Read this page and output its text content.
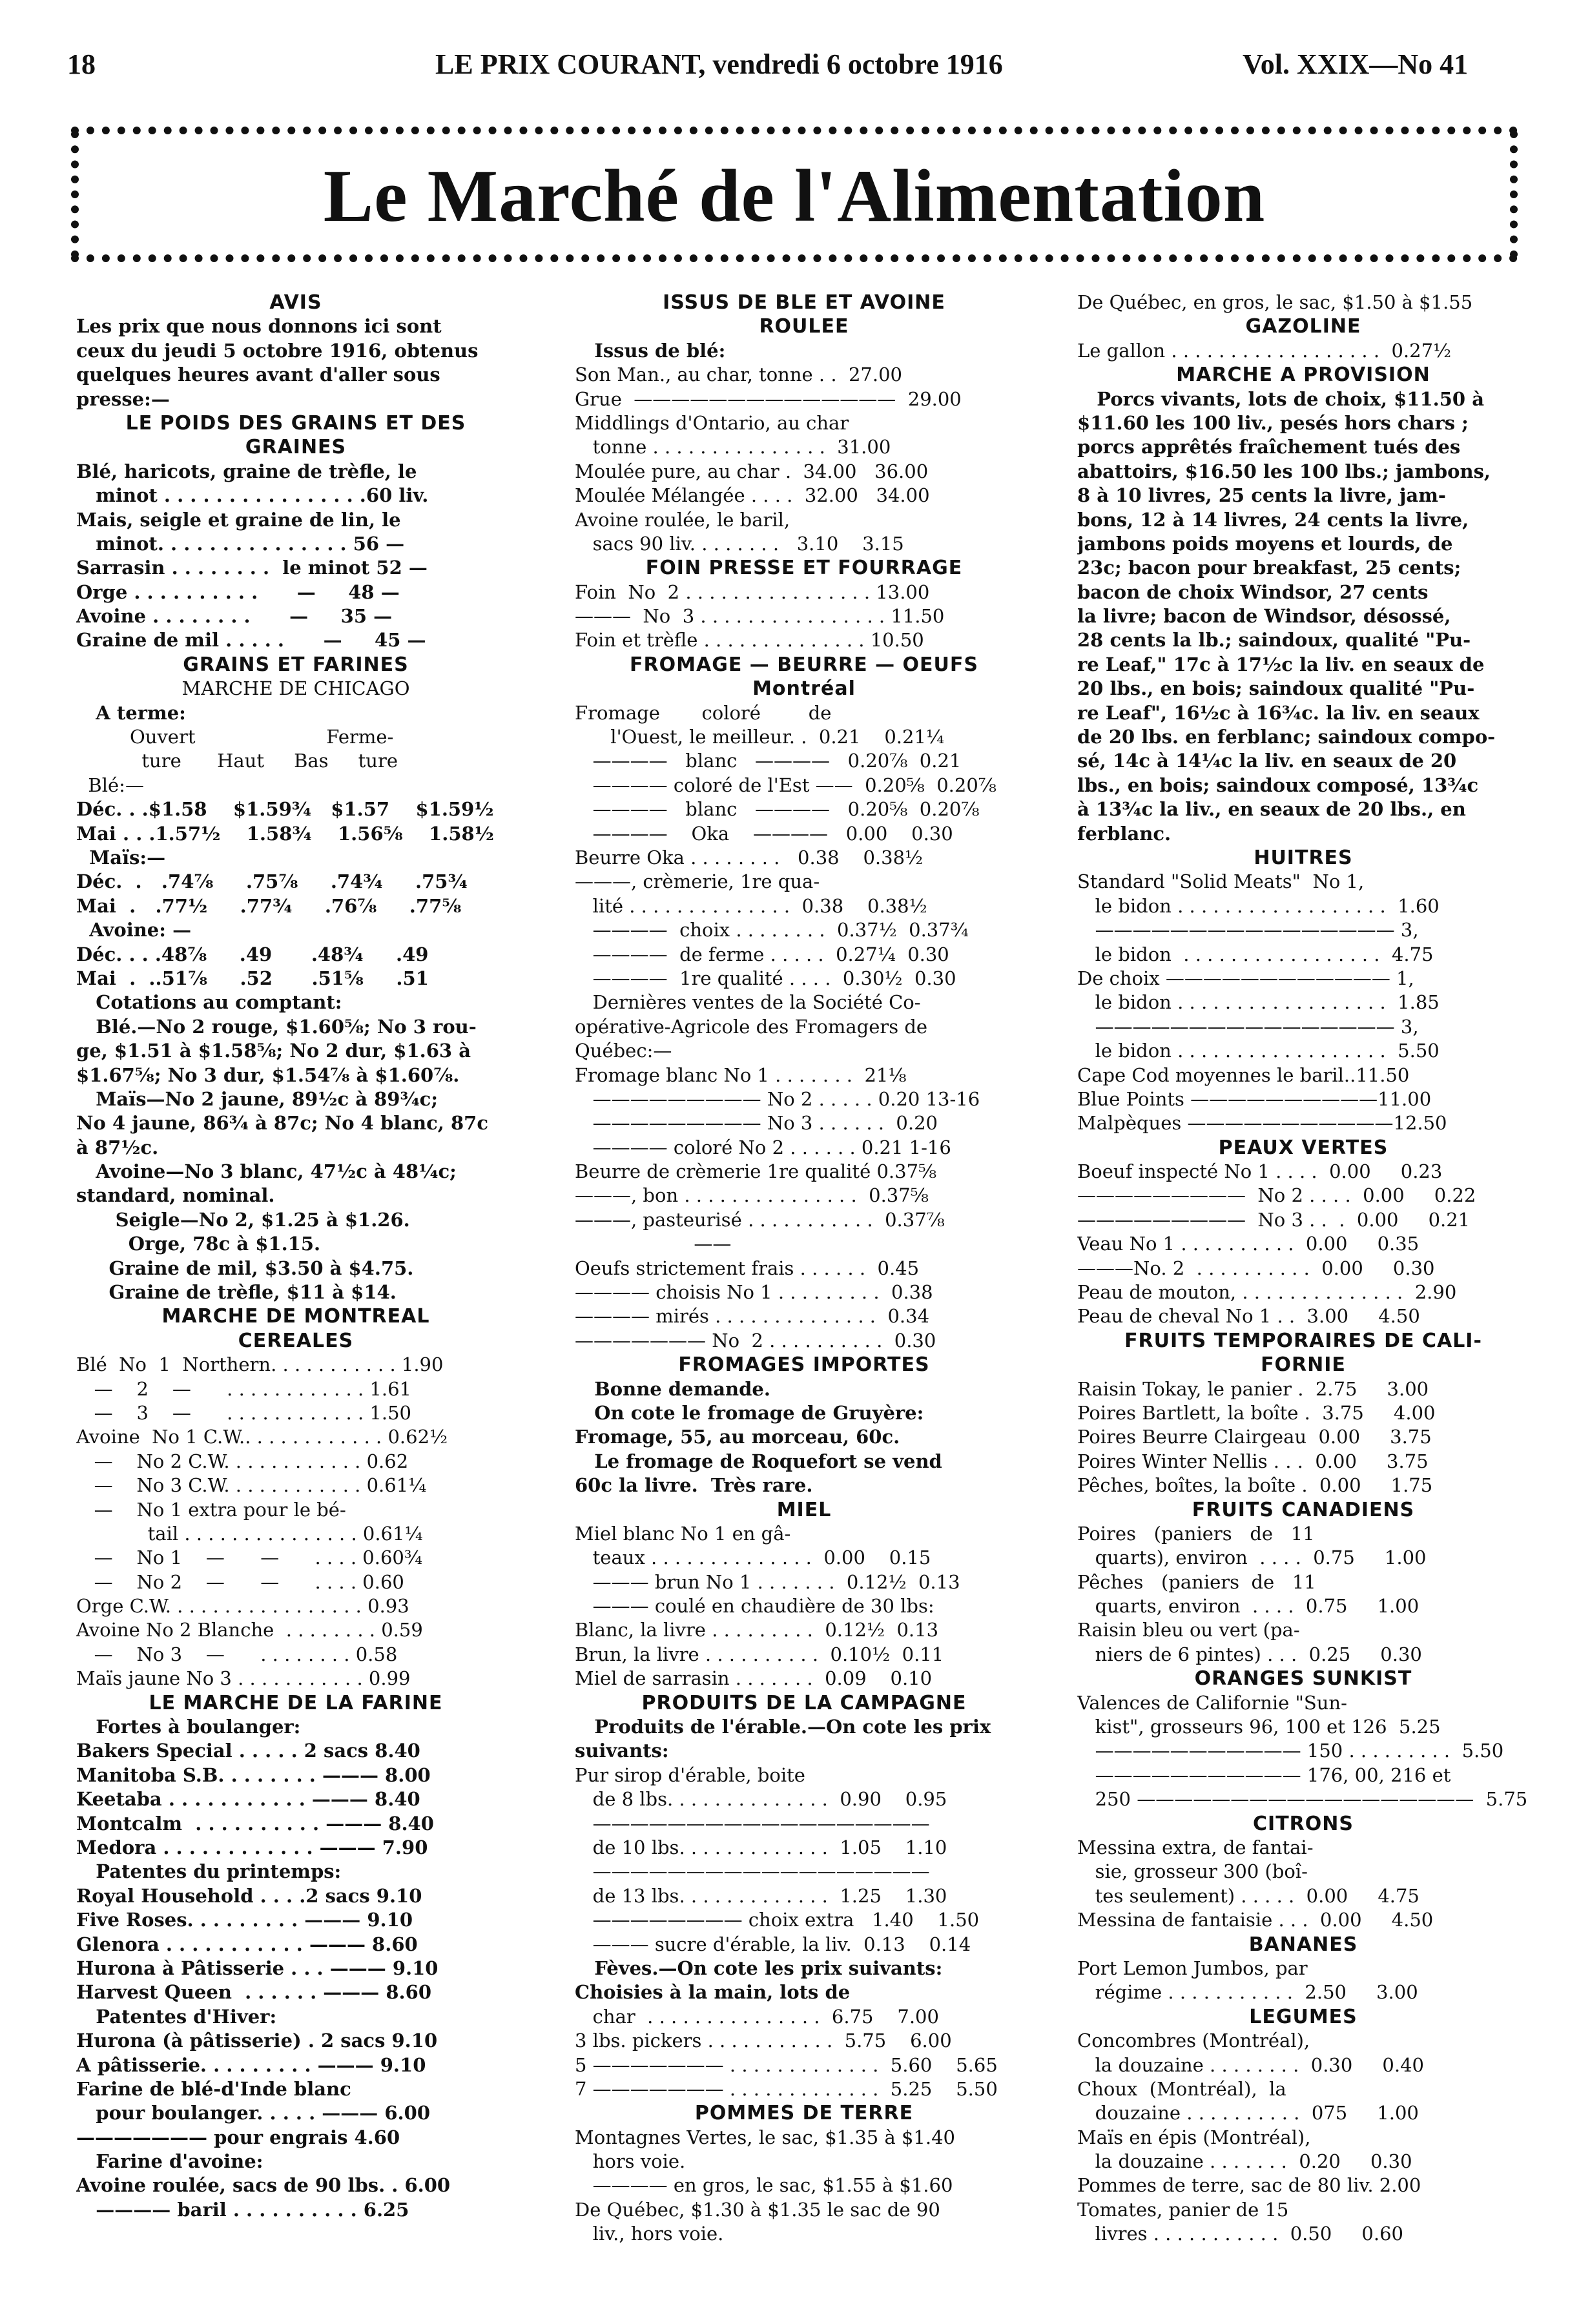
18	LE PRIX COURANT, vendredi 6 octobre 1916	Vol. XXIX—No 41
Le Marché de l'Alimentation
AVIS
Les prix que nous donnons ici sont
ceux du jeudi 5 octobre 1916, obtenus
quelques heures avant d'aller sous
presse:—
LE POIDS DES GRAINS ET DES
GRAINES
Blé, haricots, graine de trèfle, le
minot . . . . . . . . . . . . . . . .60 liv.
Mais, seigle et graine de lin, le
minot. . . . . . . . . . . . . . . 56 —
Sarrasin . . . . . . . .  le minot 52 —
Orge . . . . . . . . . .      —     48 —
Avoine . . . . . . . .      —     35 —
Graine de mil . . . . .      —     45 —
GRAINS ET FARINES
MARCHE DE CHICAGO
A terme:
Ouvert                      Ferme-
ture      Haut     Bas     ture
Blé:—
Déc. . .$1.58    $1.59¾   $1.57    $1.59½
Mai . . .1.57½    1.58¾    1.56⅝    1.58½
Maïs:—
Déc.  .   .74⅞     .75⅞     .74¾     .75¾
Mai  .   .77½     .77¾     .76⅞     .77⅝
Avoine: —
Déc. . . .48⅞     .49      .48¾     .49
Mai  .  ..51⅞     .52      .51⅝     .51
Cotations au comptant:
Blé.—No 2 rouge, $1.60⅝; No 3 rou-
ge, $1.51 à $1.58⅝; No 2 dur, $1.63 à
$1.67⅝; No 3 dur, $1.54⅞ à $1.60⅞.
Maïs—No 2 jaune, 89½c à 89¾c;
No 4 jaune, 86¾ à 87c; No 4 blanc, 87c
à 87½c.
Avoine—No 3 blanc, 47½c à 48¼c;
standard, nominal.
Seigle—No 2, $1.25 à $1.26.
Orge, 78c à $1.15.
Graine de mil, $3.50 à $4.75.
Graine de trèfle, $11 à $14.
MARCHE DE MONTREAL
CEREALES
Blé  No  1  Northern. . . . . . . . . . . 1.90
—    2    —      . . . . . . . . . . . . 1.61
—    3    —      . . . . . . . . . . . . 1.50
Avoine  No 1 C.W.. . . . . . . . . . . . 0.62½
—    No 2 C.W. . . . . . . . . . . . 0.62
—    No 3 C.W. . . . . . . . . . . . 0.61¼
—    No 1 extra pour le bé-
tail . . . . . . . . . . . . . . . 0.61¼
—    No 1    —      —      . . . . 0.60¾
—    No 2    —      —      . . . . 0.60
Orge C.W. . . . . . . . . . . . . . . . . 0.93
Avoine No 2 Blanche  . . . . . . . . 0.59
—    No 3    —      . . . . . . . . 0.58
Maïs jaune No 3 . . . . . . . . . . . 0.99
LE MARCHE DE LA FARINE
Fortes à boulanger:
Bakers Special . . . . . 2 sacs 8.40
Manitoba S.B. . . . . . . . ——— 8.00
Keetaba . . . . . . . . . . . ——— 8.40
Montcalm  . . . . . . . . . . ——— 8.40
Medora . . . . . . . . . . . . ——— 7.90
Patentes du printemps:
Royal Household . . . .2 sacs 9.10
Five Roses. . . . . . . . . ——— 9.10
Glenora . . . . . . . . . . . ——— 8.60
Hurona à Pâtisserie . . . ——— 9.10
Harvest Queen  . . . . . . ——— 8.60
Patentes d'Hiver:
Hurona (à pâtisserie) . 2 sacs 9.10
A pâtisserie. . . . . . . . . ——— 9.10
Farine de blé-d'Inde blanc
pour boulanger. . . . . ——— 6.00
——————— pour engrais 4.60
Farine d'avoine:
Avoine roulée, sacs de 90 lbs. . 6.00
———— baril . . . . . . . . . . 6.25
ISSUS DE BLE ET AVOINE
ROULEE
Issus de blé:
Son Man., au char, tonne . .  27.00
Grue  ——————————————  29.00
Middlings d'Ontario, au char
tonne . . . . . . . . . . . . . . .  31.00
Moulée pure, au char .  34.00   36.00
Moulée Mélangée . . . .  32.00   34.00
Avoine roulée, le baril,
sacs 90 liv. . . . . . . .   3.10    3.15
FOIN PRESSE ET FOURRAGE
Foin  No  2 . . . . . . . . . . . . . . . . 13.00
———  No  3 . . . . . . . . . . . . . . . . 11.50
Foin et trèfle . . . . . . . . . . . . . . 10.50
FROMAGE — BEURRE — OEUFS
Montréal
Fromage       coloré        de
l'Ouest, le meilleur. .  0.21    0.21¼
————   blanc   ————   0.20⅞  0.21
———— coloré de l'Est ——  0.20⅝  0.20⅞
————   blanc   ————   0.20⅝  0.20⅞
————    Oka    ————   0.00    0.30
Beurre Oka . . . . . . . .   0.38    0.38½
———, crèmerie, 1re qua-
lité . . . . . . . . . . . . . .  0.38    0.38½
————  choix . . . . . . . .  0.37½  0.37¾
————  de ferme . . . . .  0.27¼  0.30
————  1re qualité . . . .  0.30½  0.30
Dernières ventes de la Société Co-
opérative-Agricole des Fromagers de
Québec:—
Fromage blanc No 1 . . . . . . .  21⅛
————————— No 2 . . . . . 0.20 13-16
————————— No 3 . . . . . .  0.20
———— coloré No 2 . . . . . . 0.21 1-16
Beurre de crèmerie 1re qualité 0.37⅝
———, bon . . . . . . . . . . . . . . .  0.37⅝
———, pasteurisé . . . . . . . . . . .  0.37⅞
——
Oeufs strictement frais . . . . . .  0.45
———— choisis No 1 . . . . . . . . .  0.38
———— mirés . . . . . . . . . . . . . .  0.34
——————— No  2 . . . . . . . . . .  0.30
FROMAGES IMPORTES
Bonne demande.
On cote le fromage de Gruyère:
Fromage, 55, au morceau, 60c.
Le fromage de Roquefort se vend
60c la livre.  Très rare.
MIEL
Miel blanc No 1 en gâ-
teaux . . . . . . . . . . . . . .  0.00    0.15
——— brun No 1 . . . . . . .  0.12½  0.13
——— coulé en chaudière de 30 lbs:
Blanc, la livre . . . . . . . . .  0.12½  0.13
Brun, la livre . . . . . . . . . .  0.10½  0.11
Miel de sarrasin . . . . . . .  0.09    0.10
PRODUITS DE LA CAMPAGNE
Produits de l'érable.—On cote les prix
suivants:
Pur sirop d'érable, boite
de 8 lbs. . . . . . . . . . . . . .  0.90    0.95
——————————————————
de 10 lbs. . . . . . . . . . . . .  1.05    1.10
——————————————————
de 13 lbs. . . . . . . . . . . . .  1.25    1.30
———————— choix extra   1.40    1.50
——— sucre d'érable, la liv.  0.13    0.14
Fèves.—On cote les prix suivants:
Choisies à la main, lots de
char  . . . . . . . . . . . . . . .  6.75    7.00
3 lbs. pickers . . . . . . . . . . .  5.75    6.00
5 ——————— . . . . . . . . . . . . .  5.60    5.65
7 ——————— . . . . . . . . . . . . .  5.25    5.50
POMMES DE TERRE
Montagnes Vertes, le sac, $1.35 à $1.40
hors voie.
———— en gros, le sac, $1.55 à $1.60
De Québec, $1.30 à $1.35 le sac de 90
liv., hors voie.
De Québec, en gros, le sac, $1.50 à $1.55
GAZOLINE
Le gallon . . . . . . . . . . . . . . . . . .  0.27½
MARCHE A PROVISION
Porcs vivants, lots de choix, $11.50 à
$11.60 les 100 liv., pesés hors chars ;
porcs apprêtés fraîchement tués des
abattoirs, $16.50 les 100 lbs.; jambons,
8 à 10 livres, 25 cents la livre, jam-
bons, 12 à 14 livres, 24 cents la livre,
jambons poids moyens et lourds, de
23c; bacon pour breakfast, 25 cents;
bacon de choix Windsor, 27 cents
la livre; bacon de Windsor, désossé,
28 cents la lb.; saindoux, qualité "Pu-
re Leaf," 17c à 17½c la liv. en seaux de
20 lbs., en bois; saindoux qualité "Pu-
re Leaf", 16½c à 16¾c. la liv. en seaux
de 20 lbs. en ferblanc; saindoux compo-
sé, 14c à 14¼c la liv. en seaux de 20
lbs., en bois; saindoux composé, 13¾c
à 13¾c la liv., en seaux de 20 lbs., en
ferblanc.
HUITRES
Standard "Solid Meats"  No 1,
le bidon . . . . . . . . . . . . . . . . . .  1.60
———————————————— 3,
le bidon  . . . . . . . . . . . . . . . . .  4.75
De choix ———————————— 1,
le bidon . . . . . . . . . . . . . . . . . .  1.85
———————————————— 3,
le bidon . . . . . . . . . . . . . . . . . .  5.50
Cape Cod moyennes le baril..11.50
Blue Points ——————————11.00
Malpèques ———————————12.50
PEAUX VERTES
Boeuf inspecté No 1 . . . .  0.00     0.23
—————————  No 2 . . . .  0.00     0.22
—————————  No 3 . .  .  0.00     0.21
Veau No 1 . . . . . . . . . .  0.00     0.35
———No. 2  . . . . . . . . . .  0.00     0.30
Peau de mouton, . . . . . . . . . . . . . .  2.90
Peau de cheval No 1 . .  3.00     4.50
FRUITS TEMPORAIRES DE CALI-
FORNIE
Raisin Tokay, le panier .  2.75     3.00
Poires Bartlett, la boîte .  3.75     4.00
Poires Beurre Clairgeau  0.00     3.75
Poires Winter Nellis . . .  0.00     3.75
Pêches, boîtes, la boîte .  0.00     1.75
FRUITS CANADIENS
Poires   (paniers   de   11
quarts), environ  . . . .  0.75     1.00
Pêches   (paniers  de   11
quarts, environ  . . . .  0.75     1.00
Raisin bleu ou vert (pa-
niers de 6 pintes) . . .  0.25     0.30
ORANGES SUNKIST
Valences de Californie "Sun-
kist", grosseurs 96, 100 et 126  5.25
——————————— 150 . . . . . . . . .  5.50
——————————— 176, 00, 216 et
250 ——————————————————  5.75
CITRONS
Messina extra, de fantai-
sie, grosseur 300 (boî-
tes seulement) . . . . .  0.00     4.75
Messina de fantaisie . . .  0.00     4.50
BANANES
Port Lemon Jumbos, par
régime . . . . . . . . . . .  2.50     3.00
LEGUMES
Concombres (Montréal),
la douzaine . . . . . . . .  0.30     0.40
Choux  (Montréal),  la
douzaine . . . . . . . . . .  075     1.00
Maïs en épis (Montréal),
la douzaine . . . . . . .  0.20     0.30
Pommes de terre, sac de 80 liv. 2.00
Tomates, panier de 15
livres . . . . . . . . . . .  0.50     0.60
